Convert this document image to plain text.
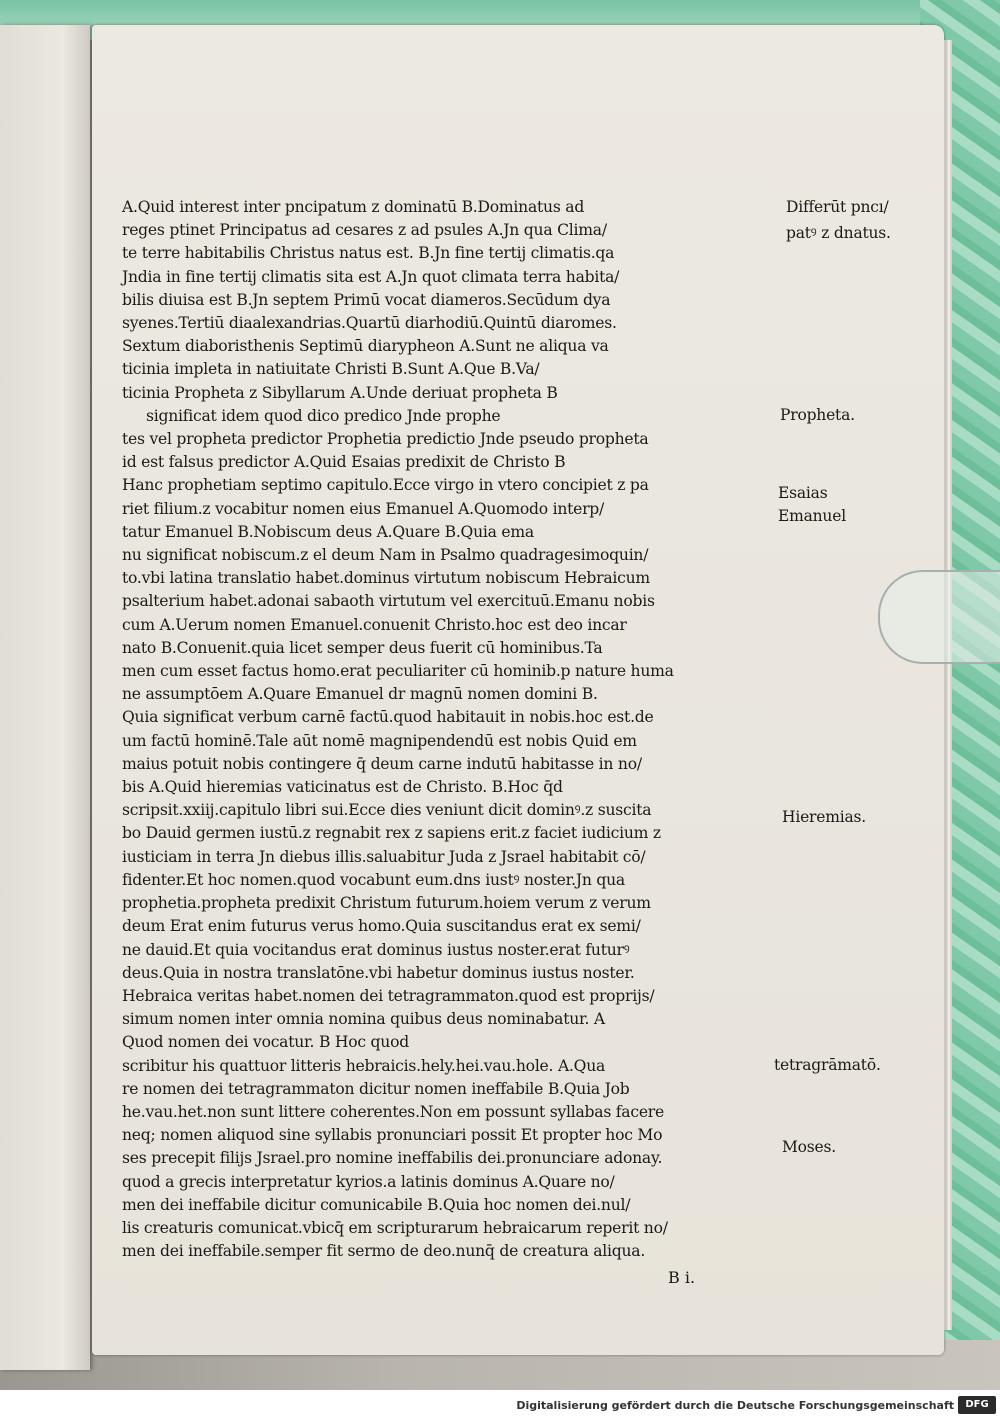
A.Quid interest inter pncipatum z dominatū B.Dominatus ad
reges ptinet Principatus ad cesares z ad psules A.Jn qua Clima/
te terre habitabilis Christus natus est. B.Jn fine tertij climatis.qa
Jndia in fine tertij climatis sita est A.Jn quot climata terra habita/
bilis diuisa est B.Jn septem Primū vocat diameros.Secūdum dya
syenes.Tertiū diaalexandrias.Quartū diarhodiū.Quintū diaromes.
Sextum diaboristhenis Septimū diarypheon A.Sunt ne aliqua va
ticinia impleta in natiuitate Christi B.Sunt A.Que B.Va/
ticinia Propheta z Sibyllarum A.Unde deriuat propheta B
significat idem quod dico predico Jnde prophe
tes vel propheta predictor Prophetia predictio Jnde pseudo propheta
id est falsus predictor A.Quid Esaias predixit de Christo B
Hanc prophetiam septimo capitulo.Ecce virgo in vtero concipiet z pa
riet filium.z vocabitur nomen eius Emanuel A.Quomodo interp/
tatur Emanuel B.Nobiscum deus A.Quare B.Quia ema
nu significat nobiscum.z el deum Nam in Psalmo quadragesimoquin/
to.vbi latina translatio habet.dominus virtutum nobiscum Hebraicum
psalterium habet.adonai sabaoth virtutum vel exercituū.Emanu nobis
cum A.Uerum nomen Emanuel.conuenit Christo.hoc est deo incar
nato B.Conuenit.quia licet semper deus fuerit cū hominibus.Ta
men cum esset factus homo.erat peculiariter cū hominib.p nature huma
ne assumptōem A.Quare Emanuel dr magnū nomen domini B.
Quia significat verbum carnē factū.quod habitauit in nobis.hoc est.de
um factū hominē.Tale aūt nomē magnipendendū est nobis Quid em
maius potuit nobis contingere q̄ deum carne indutū habitasse in no/
bis A.Quid hieremias vaticinatus est de Christo. B.Hoc q̄d
scripsit.xxiij.capitulo libri sui.Ecce dies veniunt dicit dominꝰ.z suscita
bo Dauid germen iustū.z regnabit rex z sapiens erit.z faciet iudicium z
iusticiam in terra Jn diebus illis.saluabitur Juda z Jsrael habitabit cō/
fidenter.Et hoc nomen.quod vocabunt eum.dns iustꝰ noster.Jn qua
prophetia.propheta predixit Christum futurum.hoiem verum z verum
deum Erat enim futurus verus homo.Quia suscitandus erat ex semi/
ne dauid.Et quia vocitandus erat dominus iustus noster.erat futurꝰ
deus.Quia in nostra translatōne.vbi habetur dominus iustus noster.
Hebraica veritas habet.nomen dei tetragrammaton.quod est proprijs/
simum nomen inter omnia nomina quibus deus nominabatur. A
Quod nomen dei vocatur. B Hoc quod
scribitur his quattuor litteris hebraicis.hely.hei.vau.hole. A.Qua
re nomen dei tetragrammaton dicitur nomen ineffabile B.Quia Job
he.vau.het.non sunt littere coherentes.Non em possunt syllabas facere
neq; nomen aliquod sine syllabis pronunciari possit Et propter hoc Mo
ses precepit filijs Jsrael.pro nomine ineffabilis dei.pronunciare adonay.
quod a grecis interpretatur kyrios.a latinis dominus A.Quare no/
men dei ineffabile dicitur comunicabile B.Quia hoc nomen dei.nul/
lis creaturis comunicat.vbicq̄ em scripturarum hebraicarum reperit no/
men dei ineffabile.semper fit sermo de deo.nunq̄ de creatura aliqua.
Differūt pncı/
patꝰ z dnatus.
Propheta.
Esaias
Emanuel
Hieremias.
tetragrāmatō.
Moses.
B i.
Digitalisierung gefördert durch die Deutsche Forschungsgemeinschaft	DFG
